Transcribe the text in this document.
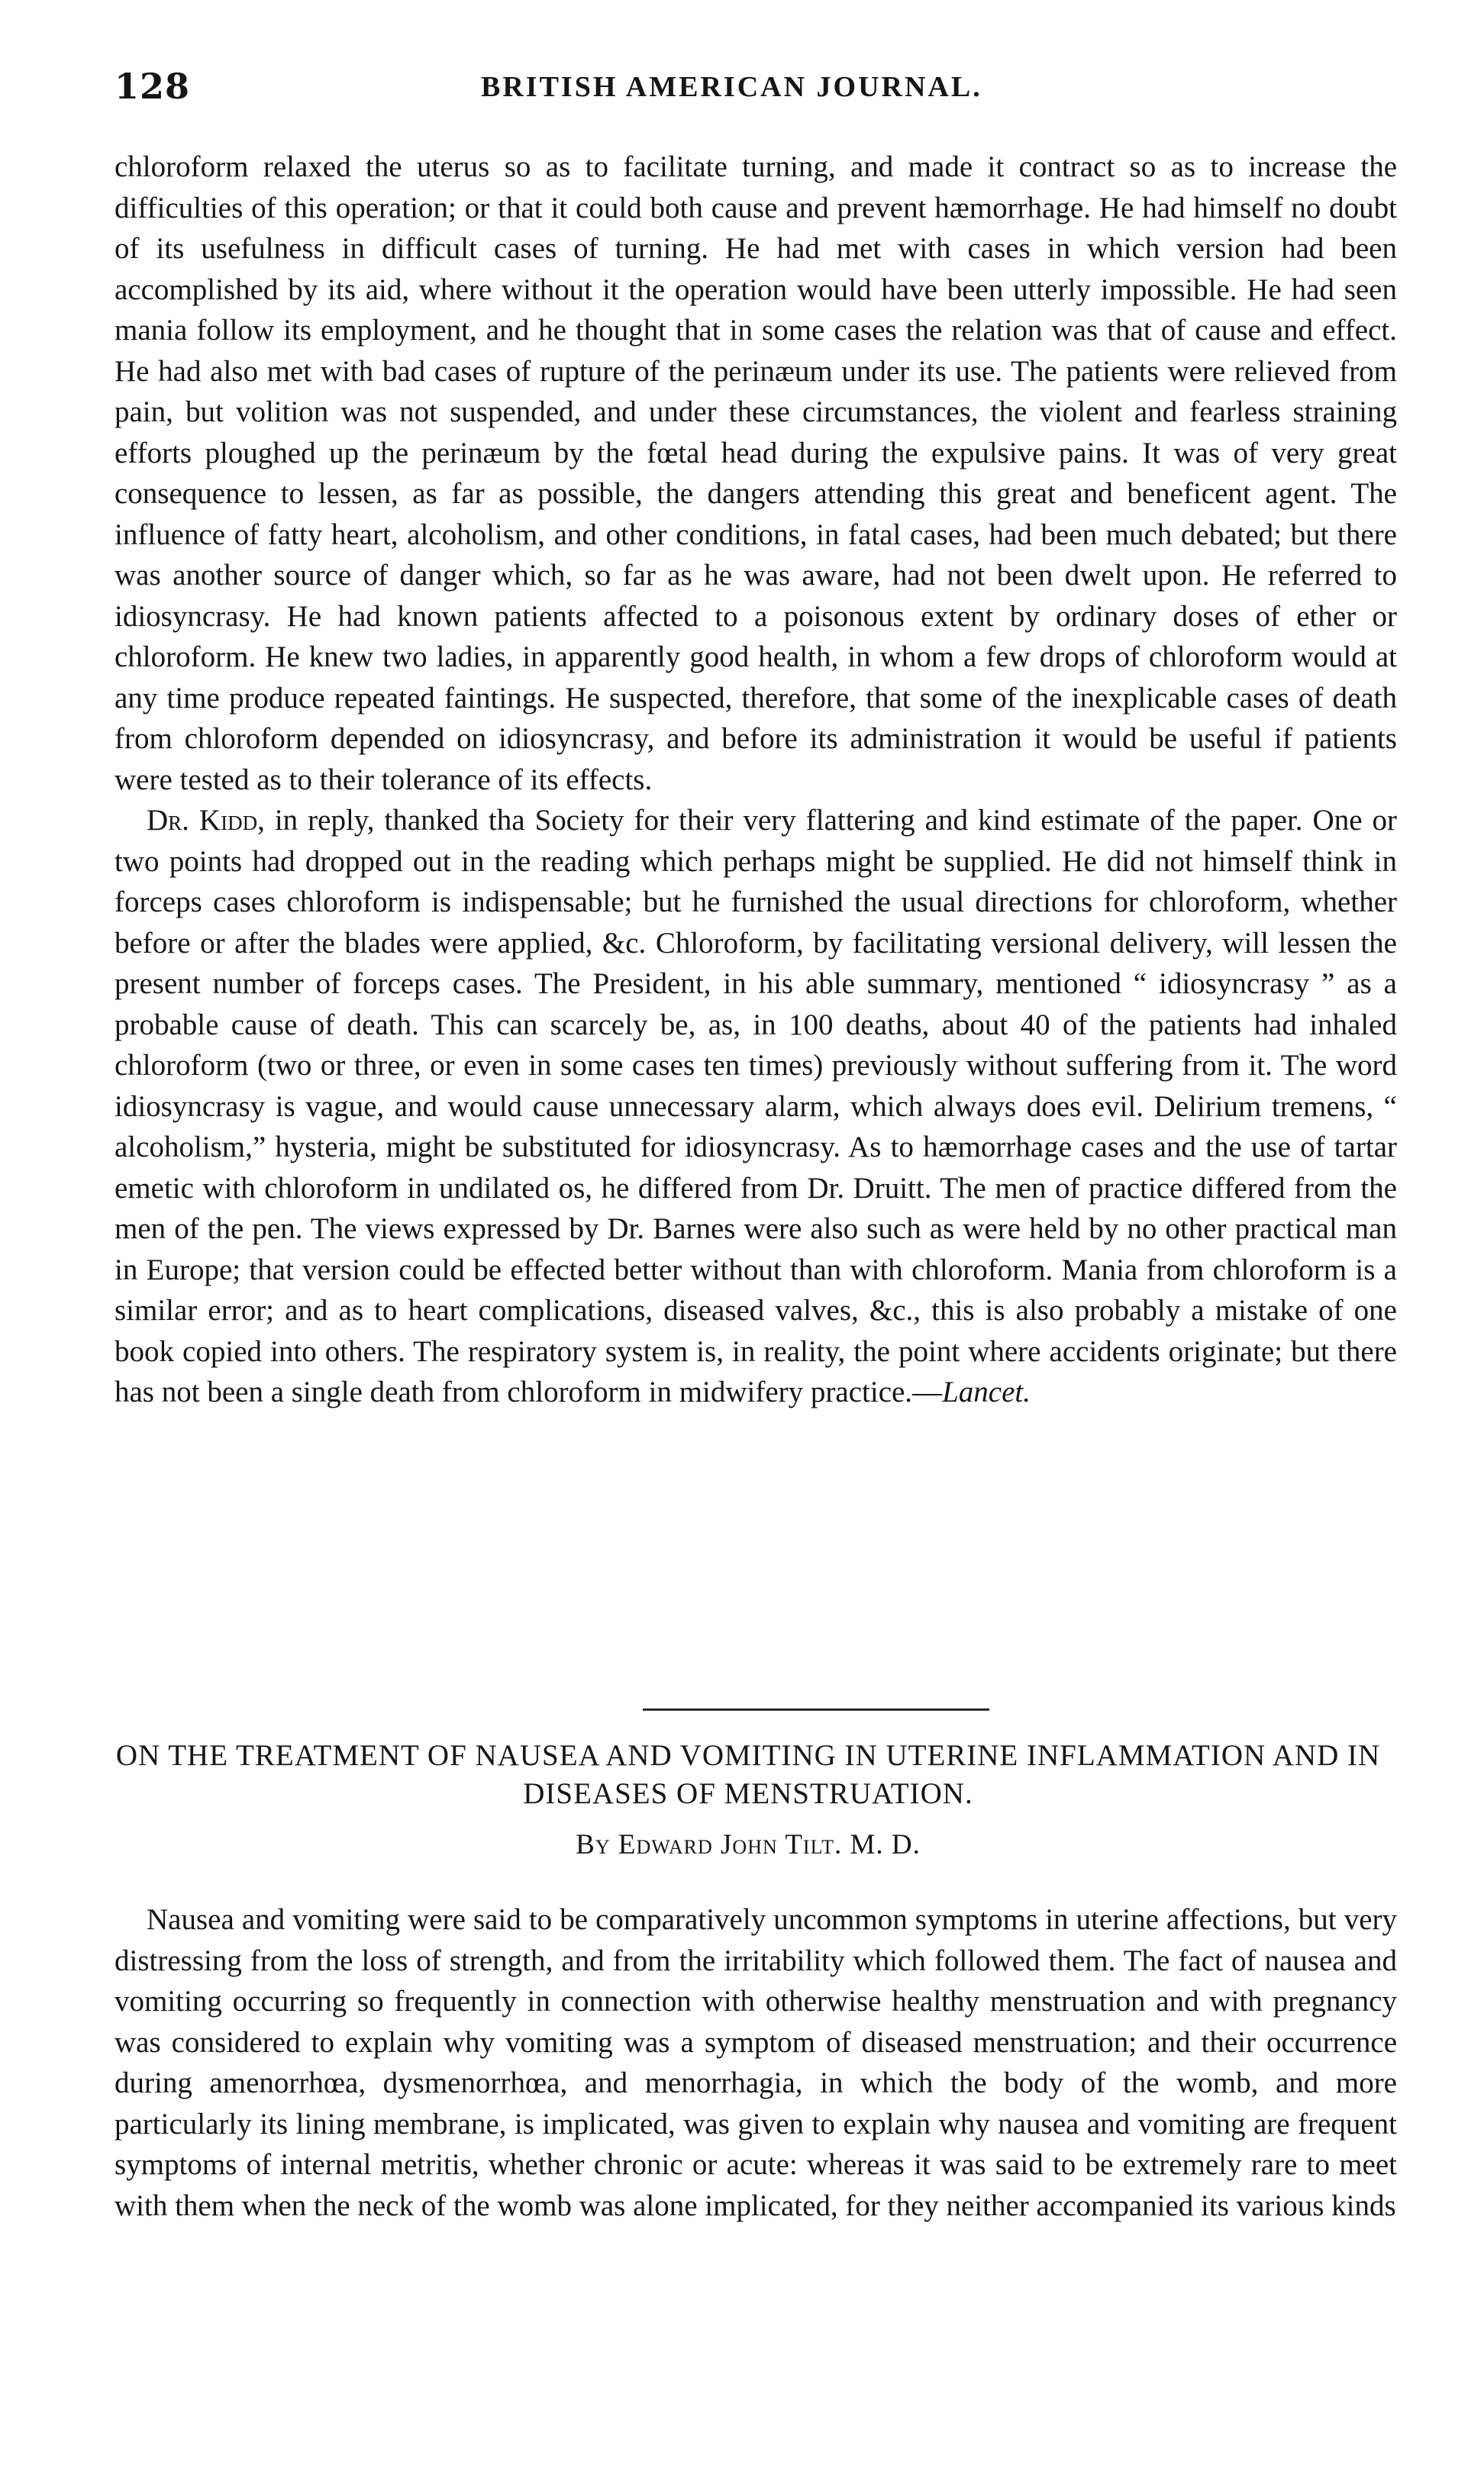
128	BRITISH AMERICAN JOURNAL.

chloroform relaxed the uterus so as to facilitate turning, and made it contract so as to increase the difficulties of this operation; or that it could both cause and prevent hæmorrhage. He had himself no doubt of its usefulness in difficult cases of turning. He had met with cases in which version had been accomplished by its aid, where without it the operation would have been utterly impossible. He had seen mania follow its employment, and he thought that in some cases the relation was that of cause and effect. He had also met with bad cases of rupture of the perinæum under its use. The patients were relieved from pain, but volition was not suspended, and under these circumstances, the violent and fearless straining efforts ploughed up the perinæum by the fœtal head during the expulsive pains. It was of very great consequence to lessen, as far as possible, the dangers attending this great and beneficent agent. The influence of fatty heart, alcoholism, and other conditions, in fatal cases, had been much debated; but there was another source of danger which, so far as he was aware, had not been dwelt upon. He referred to idiosyncrasy. He had known patients affected to a poisonous extent by ordinary doses of ether or chloroform. He knew two ladies, in apparently good health, in whom a few drops of chloroform would at any time produce repeated faintings. He suspected, therefore, that some of the inexplicable cases of death from chloroform depended on idiosyncrasy, and before its administration it would be useful if patients were tested as to their tolerance of its effects.

Dr. Kidd, in reply, thanked tha Society for their very flattering and kind estimate of the paper. One or two points had dropped out in the reading which perhaps might be supplied. He did not himself think in forceps cases chloroform is indispensable; but he furnished the usual directions for chloroform, whether before or after the blades were applied, &c. Chloroform, by facilitating versional delivery, will lessen the present number of forceps cases. The President, in his able summary, mentioned “ idiosyncrasy ” as a probable cause of death. This can scarcely be, as, in 100 deaths, about 40 of the patients had inhaled chloroform (two or three, or even in some cases ten times) previously without suffering from it. The word idiosyncrasy is vague, and would cause unnecessary alarm, which always does evil. Delirium tremens, “ alcoholism,” hysteria, might be substituted for idiosyncrasy. As to hæmorrhage cases and the use of tartar emetic with chloroform in undilated os, he differed from Dr. Druitt. The men of practice differed from the men of the pen. The views expressed by Dr. Barnes were also such as were held by no other practical man in Europe; that version could be effected better without than with chloroform. Mania from chloroform is a similar error; and as to heart complications, diseased valves, &c., this is also probably a mistake of one book copied into others. The respiratory system is, in reality, the point where accidents originate; but there has not been a single death from chloroform in midwifery practice.—Lancet.

ON THE TREATMENT OF NAUSEA AND VOMITING IN UTERINE INFLAMMATION AND IN DISEASES OF MENSTRUATION.
By Edward John Tilt. M. D.

Nausea and vomiting were said to be comparatively uncommon symptoms in uterine affections, but very distressing from the loss of strength, and from the irritability which followed them. The fact of nausea and vomiting occurring so frequently in connection with otherwise healthy menstruation and with pregnancy was considered to explain why vomiting was a symptom of diseased menstruation; and their occurrence during amenorrhœa, dysmenorrhœa, and menorrhagia, in which the body of the womb, and more particularly its lining membrane, is implicated, was given to explain why nausea and vomiting are frequent symptoms of internal metritis, whether chronic or acute: whereas it was said to be extremely rare to meet with them when the neck of the womb was alone implicated, for they neither accompanied its various kinds
